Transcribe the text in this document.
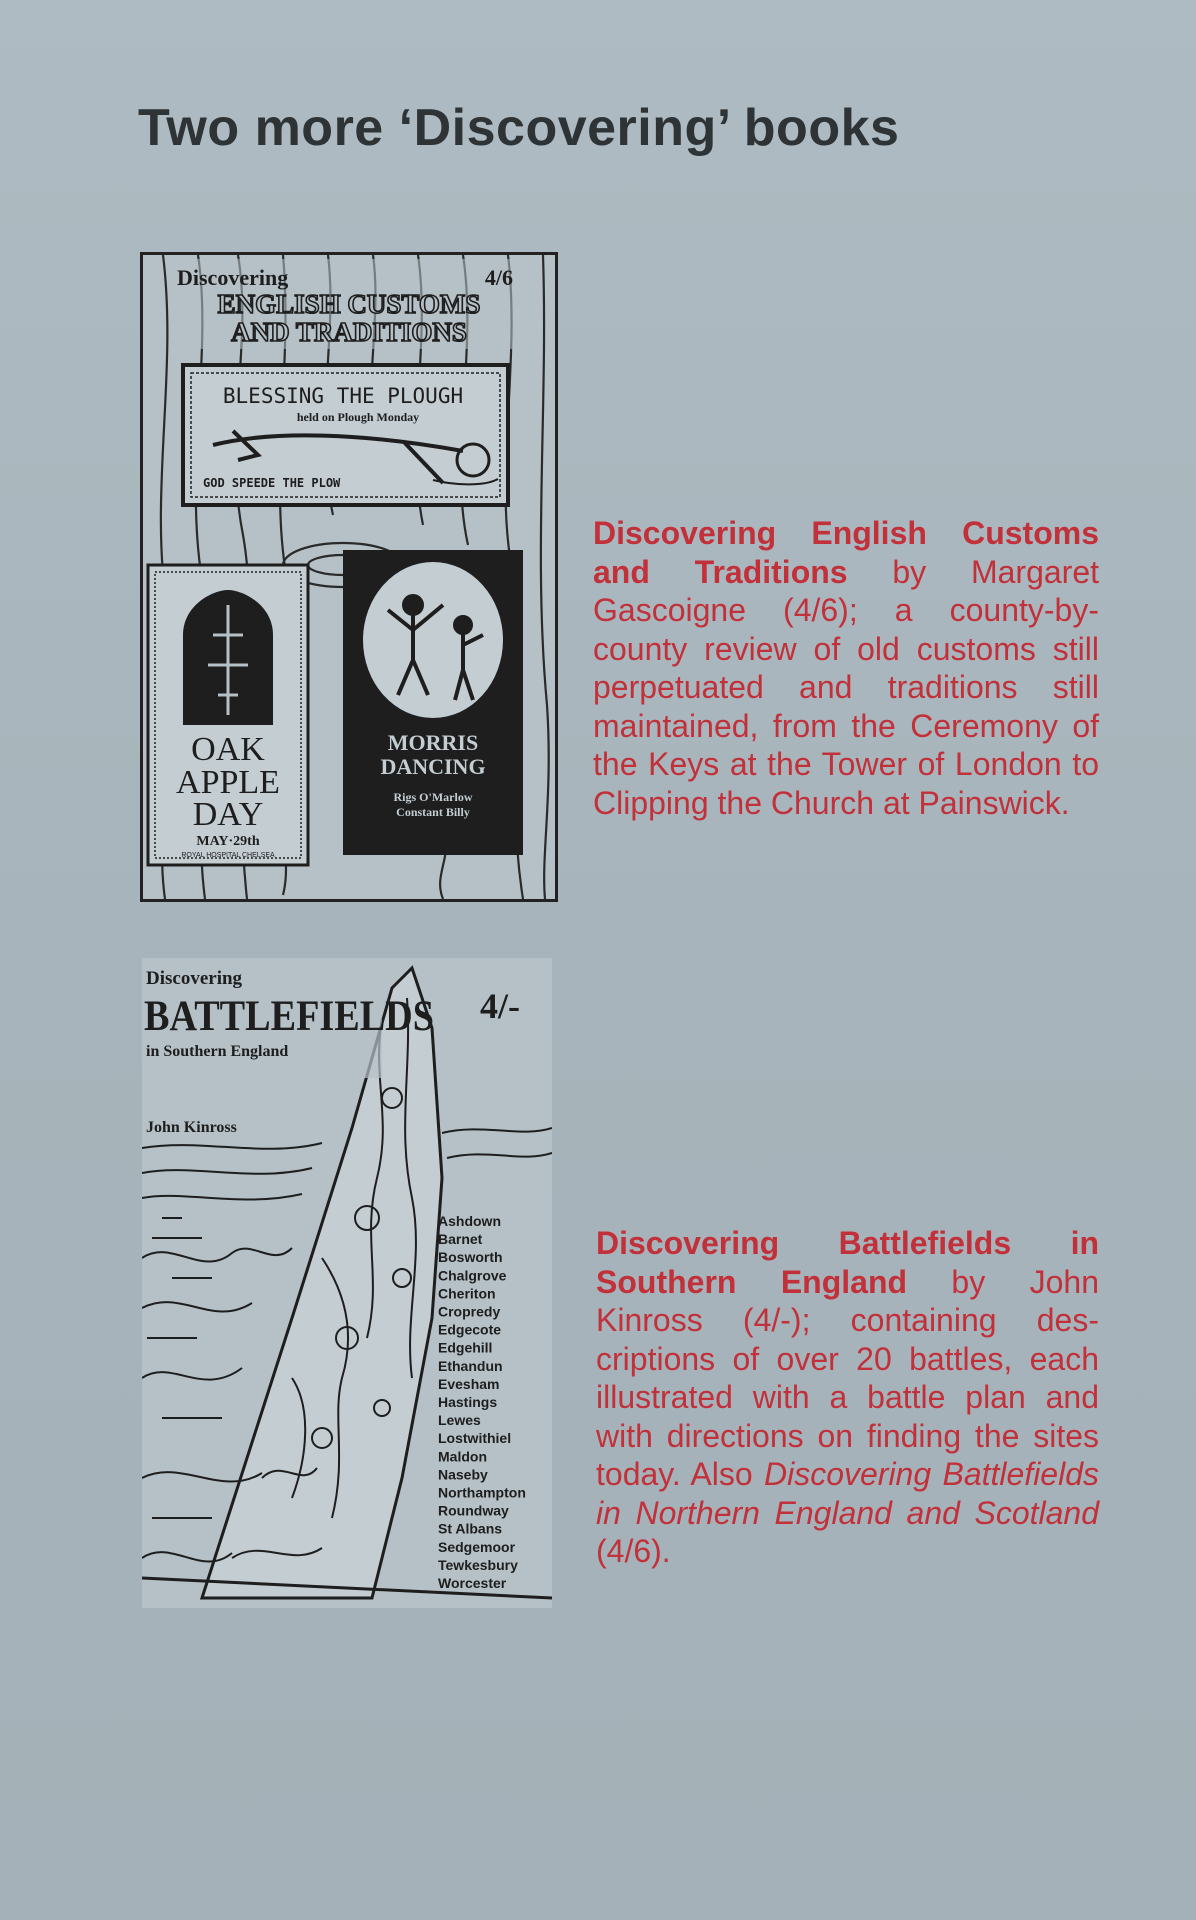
Two more ‘Discovering’ books
Discovering	4/6
ENGLISH CUSTOMS
AND TRADITIONS
BLESSING THE PLOUGH
held on Plough Monday
GOD SPEEDE THE PLOW
OAK
APPLE
DAY
MAY·29th
ROYAL HOSPITAL CHELSEA
MORRIS
DANCING
Rigs O'Marlow
Constant Billy
Discovering English Customs and Traditions by Margaret Gascoigne (4/6); a county-by-county review of old customs still perpetuated and traditions still maintained, from the Ceremony of the Keys at the Tower of London to Clipping the Church at Painswick.
Discovering
BATTLEFIELDS 4/-
in Southern England
John Kinross
Ashdown
Barnet
Bosworth
Chalgrove
Cheriton
Cropredy
Edgecote
Edgehill
Ethandun
Evesham
Hastings
Lewes
Lostwithiel
Maldon
Naseby
Northampton
Roundway
St Albans
Sedgemoor
Tewkesbury
Worcester
Discovering Battlefields in Southern England by John Kinross (4/-); containing descriptions of over 20 battles, each illustrated with a battle plan and with directions on finding the sites today. Also Discovering Battlefields in Northern England and Scotland (4/6).
